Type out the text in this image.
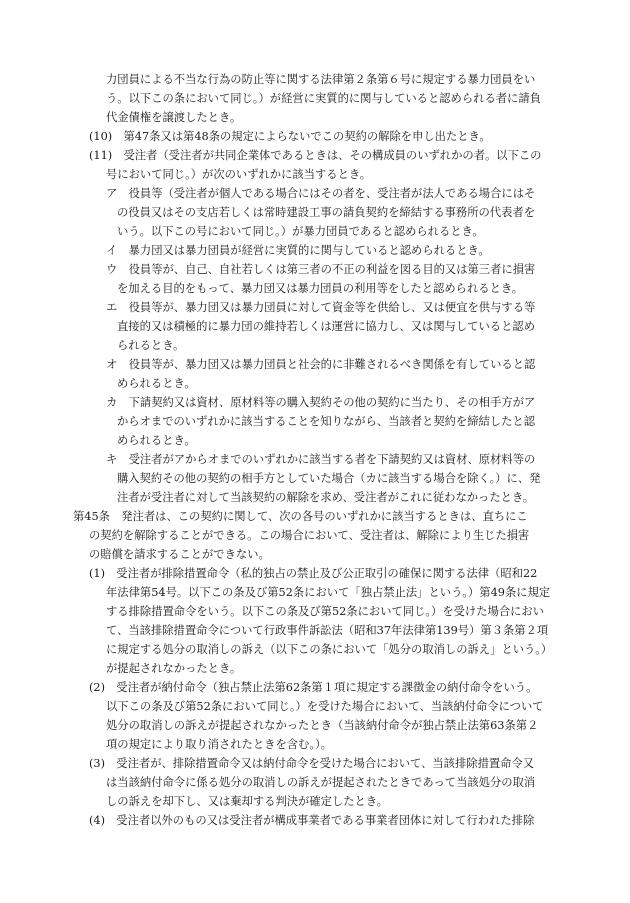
力団員による不当な行為の防止等に関する法律第２条第６号に規定する暴力団員をい
う。以下この条において同じ。）が経営に実質的に関与していると認められる者に請負
代金債権を譲渡したとき。
(10)　第47条又は第48条の規定によらないでこの契約の解除を申し出たとき。
(11)　受注者（受注者が共同企業体であるときは、その構成員のいずれかの者。以下この
号において同じ。）が次のいずれかに該当するとき。
ア　役員等（受注者が個人である場合にはその者を、受注者が法人である場合にはそ
の役員又はその支店若しくは常時建設工事の請負契約を締結する事務所の代表者を
いう。以下この号において同じ。）が暴力団員であると認められるとき。
イ　暴力団又は暴力団員が経営に実質的に関与していると認められるとき。
ウ　役員等が、自己、自社若しくは第三者の不正の利益を図る目的又は第三者に損害
を加える目的をもって、暴力団又は暴力団員の利用等をしたと認められるとき。
エ　役員等が、暴力団又は暴力団員に対して資金等を供給し、又は便宜を供与する等
直接的又は積極的に暴力団の維持若しくは運営に協力し、又は関与していると認め
られるとき。
オ　役員等が、暴力団又は暴力団員と社会的に非難されるべき関係を有していると認
められるとき。
カ　下請契約又は資材、原材料等の購入契約その他の契約に当たり、その相手方がア
からオまでのいずれかに該当することを知りながら、当該者と契約を締結したと認
められるとき。
キ　受注者がアからオまでのいずれかに該当する者を下請契約又は資材、原材料等の
購入契約その他の契約の相手方としていた場合（カに該当する場合を除く。）に、発
注者が受注者に対して当該契約の解除を求め、受注者がこれに従わなかったとき。
第45条　発注者は、この契約に関して、次の各号のいずれかに該当するときは、直ちにこ
の契約を解除することができる。この場合において、受注者は、解除により生じた損害
の賠償を請求することができない。
(1)　受注者が排除措置命令（私的独占の禁止及び公正取引の確保に関する法律（昭和22
年法律第54号。以下この条及び第52条において「独占禁止法」という。）第49条に規定
する排除措置命令をいう。以下この条及び第52条において同じ。）を受けた場合におい
て、当該排除措置命令について行政事件訴訟法（昭和37年法律第139号）第３条第２項
に規定する処分の取消しの訴え（以下この条において「処分の取消しの訴え」という。）
が提起されなかったとき。
(2)　受注者が納付命令（独占禁止法第62条第１項に規定する課徴金の納付命令をいう。
以下この条及び第52条において同じ。）を受けた場合において、当該納付命令について
処分の取消しの訴えが提起されなかったとき（当該納付命令が独占禁止法第63条第２
項の規定により取り消されたときを含む。）。
(3)　受注者が、排除措置命令又は納付命令を受けた場合において、当該排除措置命令又
は当該納付命令に係る処分の取消しの訴えが提起されたときであって当該処分の取消
しの訴えを却下し、又は棄却する判決が確定したとき。
(4)　受注者以外のもの又は受注者が構成事業者である事業者団体に対して行われた排除
